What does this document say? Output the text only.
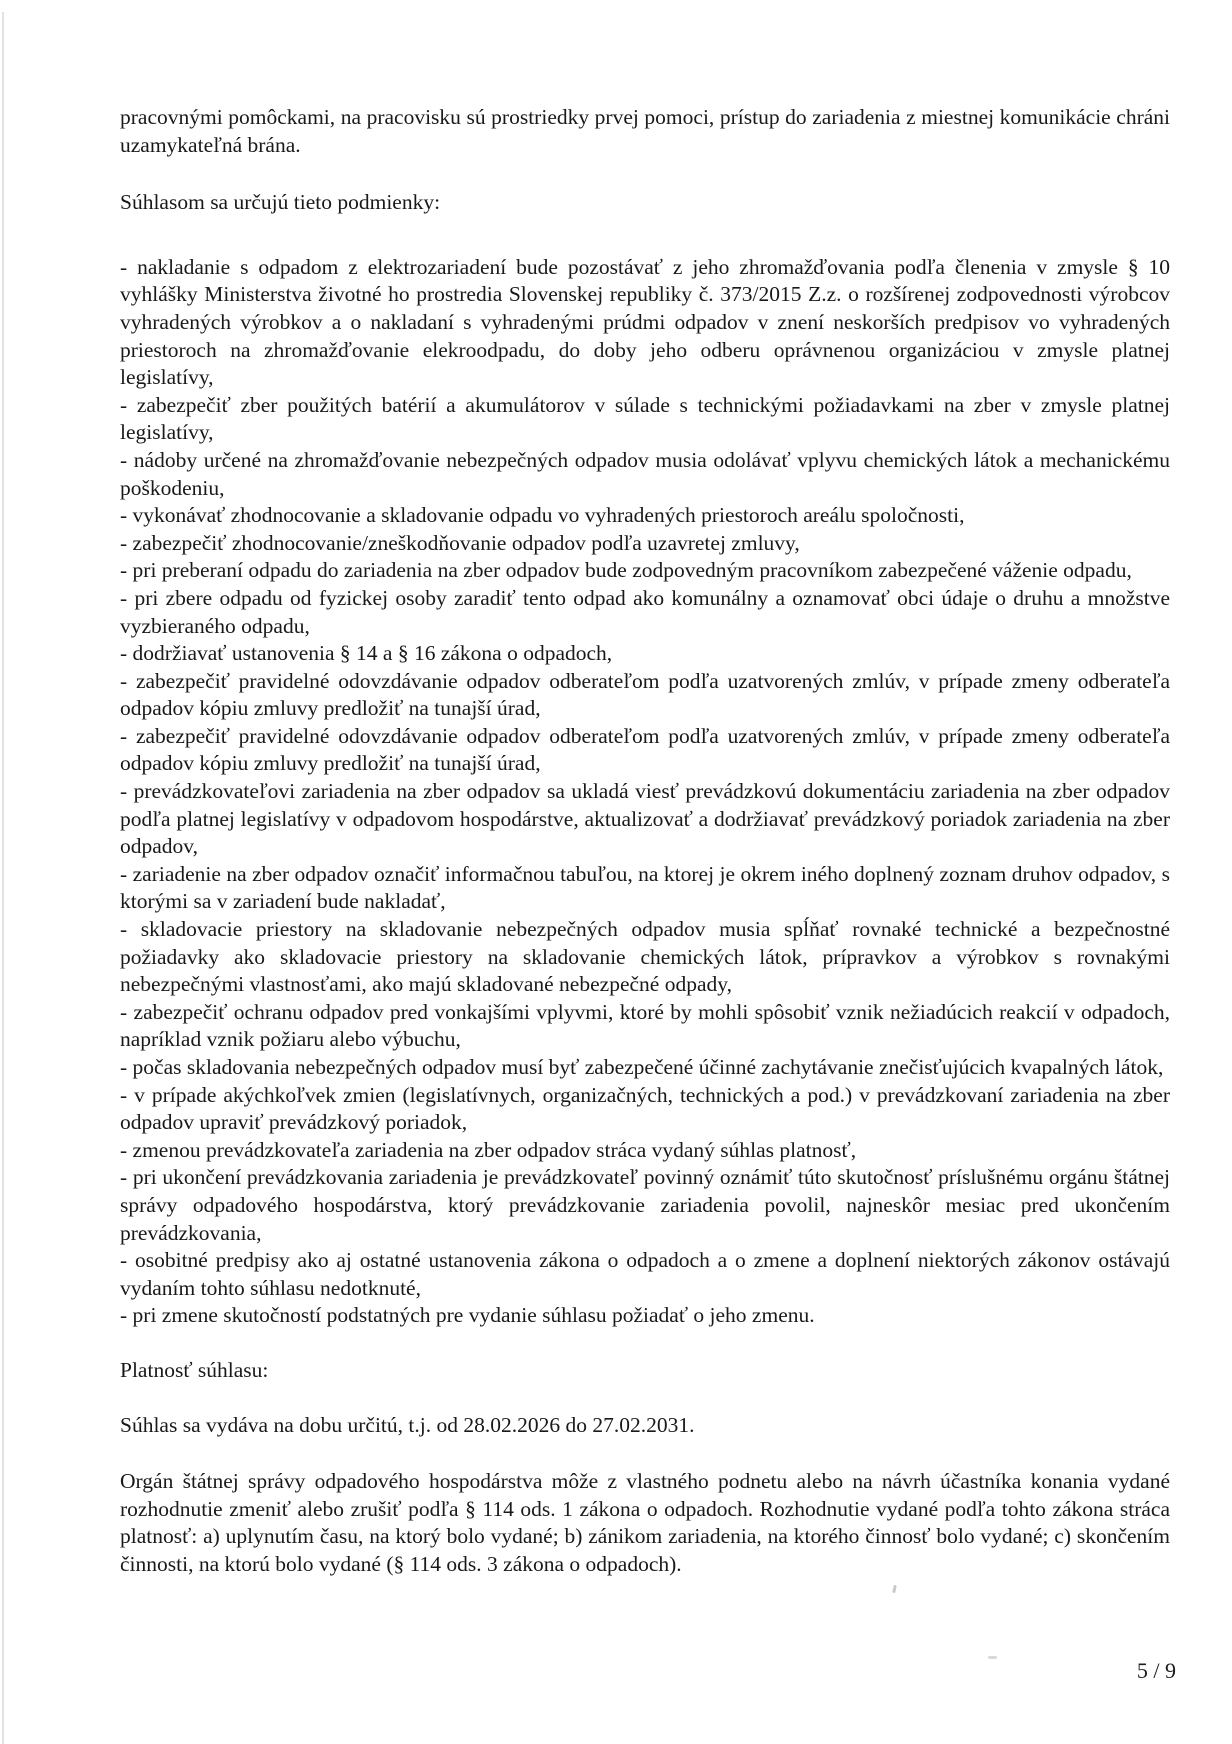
pracovnými pomôckami, na pracovisku sú prostriedky prvej pomoci, prístup do zariadenia z miestnej komunikácie chráni uzamykateľná brána.

Súhlasom sa určujú tieto podmienky:

- nakladanie s odpadom z elektrozariadení bude pozostávať z jeho zhromažďovania podľa členenia v zmysle § 10 vyhlášky Ministerstva životné ho prostredia Slovenskej republiky č. 373/2015 Z.z. o rozšírenej zodpovednosti výrobcov vyhradených výrobkov a o nakladaní s vyhradenými prúdmi odpadov v znení neskorších predpisov vo vyhradených priestoroch na zhromažďovanie elekroodpadu, do doby jeho odberu oprávnenou organizáciou v zmysle platnej legislatívy,

- zabezpečiť zber použitých batérií a akumulátorov v súlade s technickými požiadavkami na zber v zmysle platnej legislatívy,

- nádoby určené na zhromažďovanie nebezpečných odpadov musia odolávať vplyvu chemických látok a mechanickému poškodeniu,

- vykonávať zhodnocovanie a skladovanie odpadu vo vyhradených priestoroch areálu spoločnosti,

- zabezpečiť zhodnocovanie/zneškodňovanie odpadov podľa uzavretej zmluvy,

- pri preberaní odpadu do zariadenia na zber odpadov bude zodpovedným pracovníkom zabezpečené váženie odpadu,

- pri zbere odpadu od fyzickej osoby zaradiť tento odpad ako komunálny a oznamovať obci údaje o druhu a množstve vyzbieraného odpadu,

- dodržiavať ustanovenia § 14 a § 16 zákona o odpadoch,

- zabezpečiť pravidelné odovzdávanie odpadov odberateľom podľa uzatvorených zmlúv, v prípade zmeny odberateľa odpadov kópiu zmluvy predložiť na tunajší úrad,

- zabezpečiť pravidelné odovzdávanie odpadov odberateľom podľa uzatvorených zmlúv, v prípade zmeny odberateľa odpadov kópiu zmluvy predložiť na tunajší úrad,

- prevádzkovateľovi zariadenia na zber odpadov sa ukladá viesť prevádzkovú dokumentáciu zariadenia na zber odpadov podľa platnej legislatívy v odpadovom hospodárstve, aktualizovať a dodržiavať prevádzkový poriadok zariadenia na zber odpadov,

- zariadenie na zber odpadov označiť informačnou tabuľou, na ktorej je okrem iného doplnený zoznam druhov odpadov, s ktorými sa v zariadení bude nakladať,

- skladovacie priestory na skladovanie nebezpečných odpadov musia spĺňať rovnaké technické a bezpečnostné požiadavky ako skladovacie priestory na skladovanie chemických látok, prípravkov a výrobkov s rovnakými nebezpečnými vlastnosťami, ako majú skladované nebezpečné odpady,

- zabezpečiť ochranu odpadov pred vonkajšími vplyvmi, ktoré by mohli spôsobiť vznik nežiadúcich reakcií v odpadoch, napríklad vznik požiaru alebo výbuchu,

- počas skladovania nebezpečných odpadov musí byť zabezpečené účinné zachytávanie znečisťujúcich kvapalných látok,

- v prípade akýchkoľvek zmien (legislatívnych, organizačných, technických a pod.) v prevádzkovaní zariadenia na zber odpadov upraviť prevádzkový poriadok,

- zmenou prevádzkovateľa zariadenia na zber odpadov stráca vydaný súhlas platnosť,

- pri ukončení prevádzkovania zariadenia je prevádzkovateľ povinný oznámiť túto skutočnosť príslušnému orgánu štátnej správy odpadového hospodárstva, ktorý prevádzkovanie zariadenia povolil, najneskôr mesiac pred ukončením prevádzkovania,

- osobitné predpisy ako aj ostatné ustanovenia zákona o odpadoch a o zmene a doplnení niektorých zákonov ostávajú vydaním tohto súhlasu nedotknuté,

- pri zmene skutočností podstatných pre vydanie súhlasu požiadať o jeho zmenu.

Platnosť súhlasu:

Súhlas sa vydáva na dobu určitú, t.j. od 28.02.2026 do 27.02.2031.

Orgán štátnej správy odpadového hospodárstva môže z vlastného podnetu alebo na návrh účastníka konania vydané rozhodnutie zmeniť alebo zrušiť podľa § 114 ods. 1 zákona o odpadoch. Rozhodnutie vydané podľa tohto zákona stráca platnosť: a) uplynutím času, na ktorý bolo vydané; b) zánikom zariadenia, na ktorého činnosť bolo vydané; c) skončením činnosti, na ktorú bolo vydané (§ 114 ods. 3 zákona o odpadoch).

5 / 9
